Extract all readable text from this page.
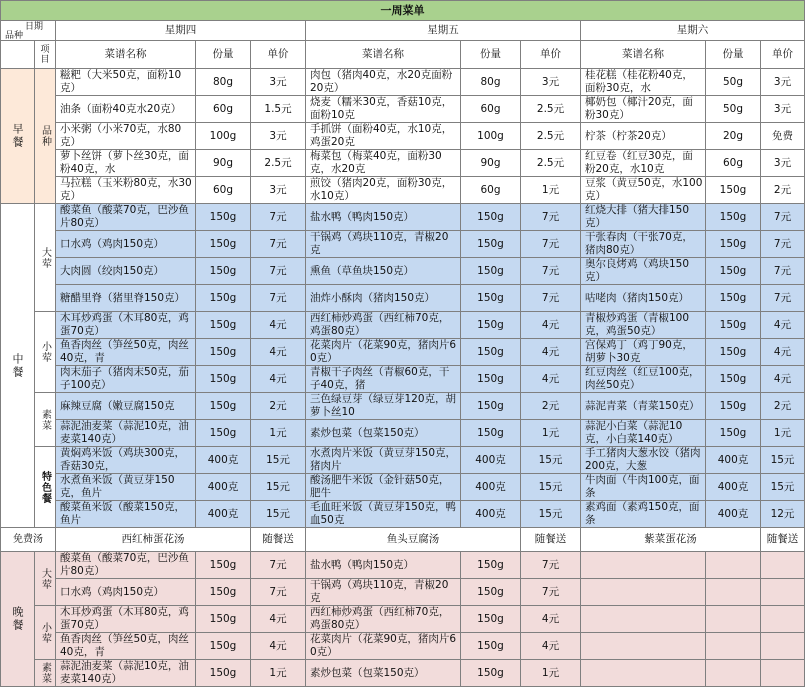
一周菜单										

日期
品种		星期四			星期五			星期六		
	项目	菜谱名称	份量	单价	菜谱名称	份量	单价	菜谱名称	份量	单价
早餐	品种	糍粑（大米50克，面粉10克）	80g	3元	肉包（猪肉40克，水20克面粉20克）	80g	3元	桂花糕（桂花粉40克，面粉30克，水	50g	3元
		油条（面粉40克水20克）	60g	1.5元	烧麦（糯米30克，香菇10克，面粉10克	60g	2.5元	椰奶包（椰汁20克，面粉30克）	50g	3元
		小米粥（小米70克，水80克）	100g	3元	手抓饼（面粉40克，水10克，鸡蛋20克	100g	2.5元	柠茶（柠茶20克）	20g	免费
		萝卜丝饼（萝卜丝30克，面粉40克，水	90g	2.5元	梅菜包（梅菜40克，面粉30克，水20克	90g	2.5元	红豆卷（红豆30克，面粉20克，水10克	60g	3元
		马拉糕（玉米粉80克，水30克）	60g	3元	煎饺（猪肉20克，面粉30克，水10克）	60g	1元	豆浆（黄豆50克，水100克）	150g	2元
中餐	大荤	酸菜鱼（酸菜70克，巴沙鱼片80克）	150g	7元	盐水鸭（鸭肉150克）	150g	7元	红烧大排（猪大排150克）	150g	7元
		口水鸡（鸡肉150克）	150g	7元	干锅鸡（鸡块110克，青椒20克	150g	7元	干张春肉（干张70克，猪肉80克）	150g	7元
		大肉圆（绞肉150克）	150g	7元	熏鱼（草鱼块150克）	150g	7元	奥尔良烤鸡（鸡块150克）	150g	7元
		糖醋里脊（猪里脊150克）	150g	7元	油炸小酥肉（猪肉150克）	150g	7元	咕咾肉（猪肉150克）	150g	7元
	小荤	木耳炒鸡蛋（木耳80克，鸡蛋70克）	150g	4元	西红柿炒鸡蛋（西红柿70克，鸡蛋80克）	150g	4元	青椒炒鸡蛋（青椒100克，鸡蛋50克）	150g	4元
		鱼香肉丝（笋丝50克，肉丝40克，青	150g	4元	花菜肉片（花菜90克，猪肉片60克）	150g	4元	宫保鸡丁（鸡丁90克，胡萝卜30克	150g	4元
		肉末茄子（猪肉末50克，茄子100克）	150g	4元	青椒干子肉丝（青椒60克，干子40克，猪	150g	4元	红豆肉丝（红豆100克，肉丝50克）	150g	4元
	素菜	麻辣豆腐（嫩豆腐150克	150g	2元	三色绿豆芽（绿豆芽120克，胡萝卜丝10	150g	2元	蒜泥青菜（青菜150克）	150g	2元
		蒜泥油麦菜（蒜泥10克，油麦菜140克）	150g	1元	素炒包菜（包菜150克）	150g	1元	蒜泥小白菜（蒜泥10克，小白菜140克）	150g	1元
	特色餐	黄焖鸡米饭（鸡块300克，香菇30克，	400克	15元	水煮肉片米饭（黄豆芽150克，猪肉片	400克	15元	手工猪肉大葱水饺（猪肉200克，大葱	400克	15元
		水煮鱼米饭（黄豆芽150克，鱼片	400克	15元	酸汤肥牛米饭（金针菇50克，肥牛	400克	15元	牛肉面（牛肉100克，面条	400克	15元
		酸菜鱼米饭（酸菜150克，鱼片	400克	15元	毛血旺米饭（黄豆芽150克，鸭血50克	400克	15元	素鸡面（素鸡150克，面条	400克	12元
免费汤		西红柿蛋花汤		随餐送	鱼头豆腐汤		随餐送	紫菜蛋花汤		随餐送
晚餐	大荤	酸菜鱼（酸菜70克，巴沙鱼片80克）	150g	7元	盐水鸭（鸭肉150克）	150g	7元			
		口水鸡（鸡肉150克）	150g	7元	干锅鸡（鸡块110克，青椒20克	150g	7元			
	小荤	木耳炒鸡蛋（木耳80克，鸡蛋70克）	150g	4元	西红柿炒鸡蛋（西红柿70克，鸡蛋80克）	150g	4元			
		鱼香肉丝（笋丝50克，肉丝40克，青	150g	4元	花菜肉片（花菜90克，猪肉片60克）	150g	4元			
	素菜	蒜泥油麦菜（蒜泥10克，油麦菜140克）	150g	1元	素炒包菜（包菜150克）	150g	1元			
